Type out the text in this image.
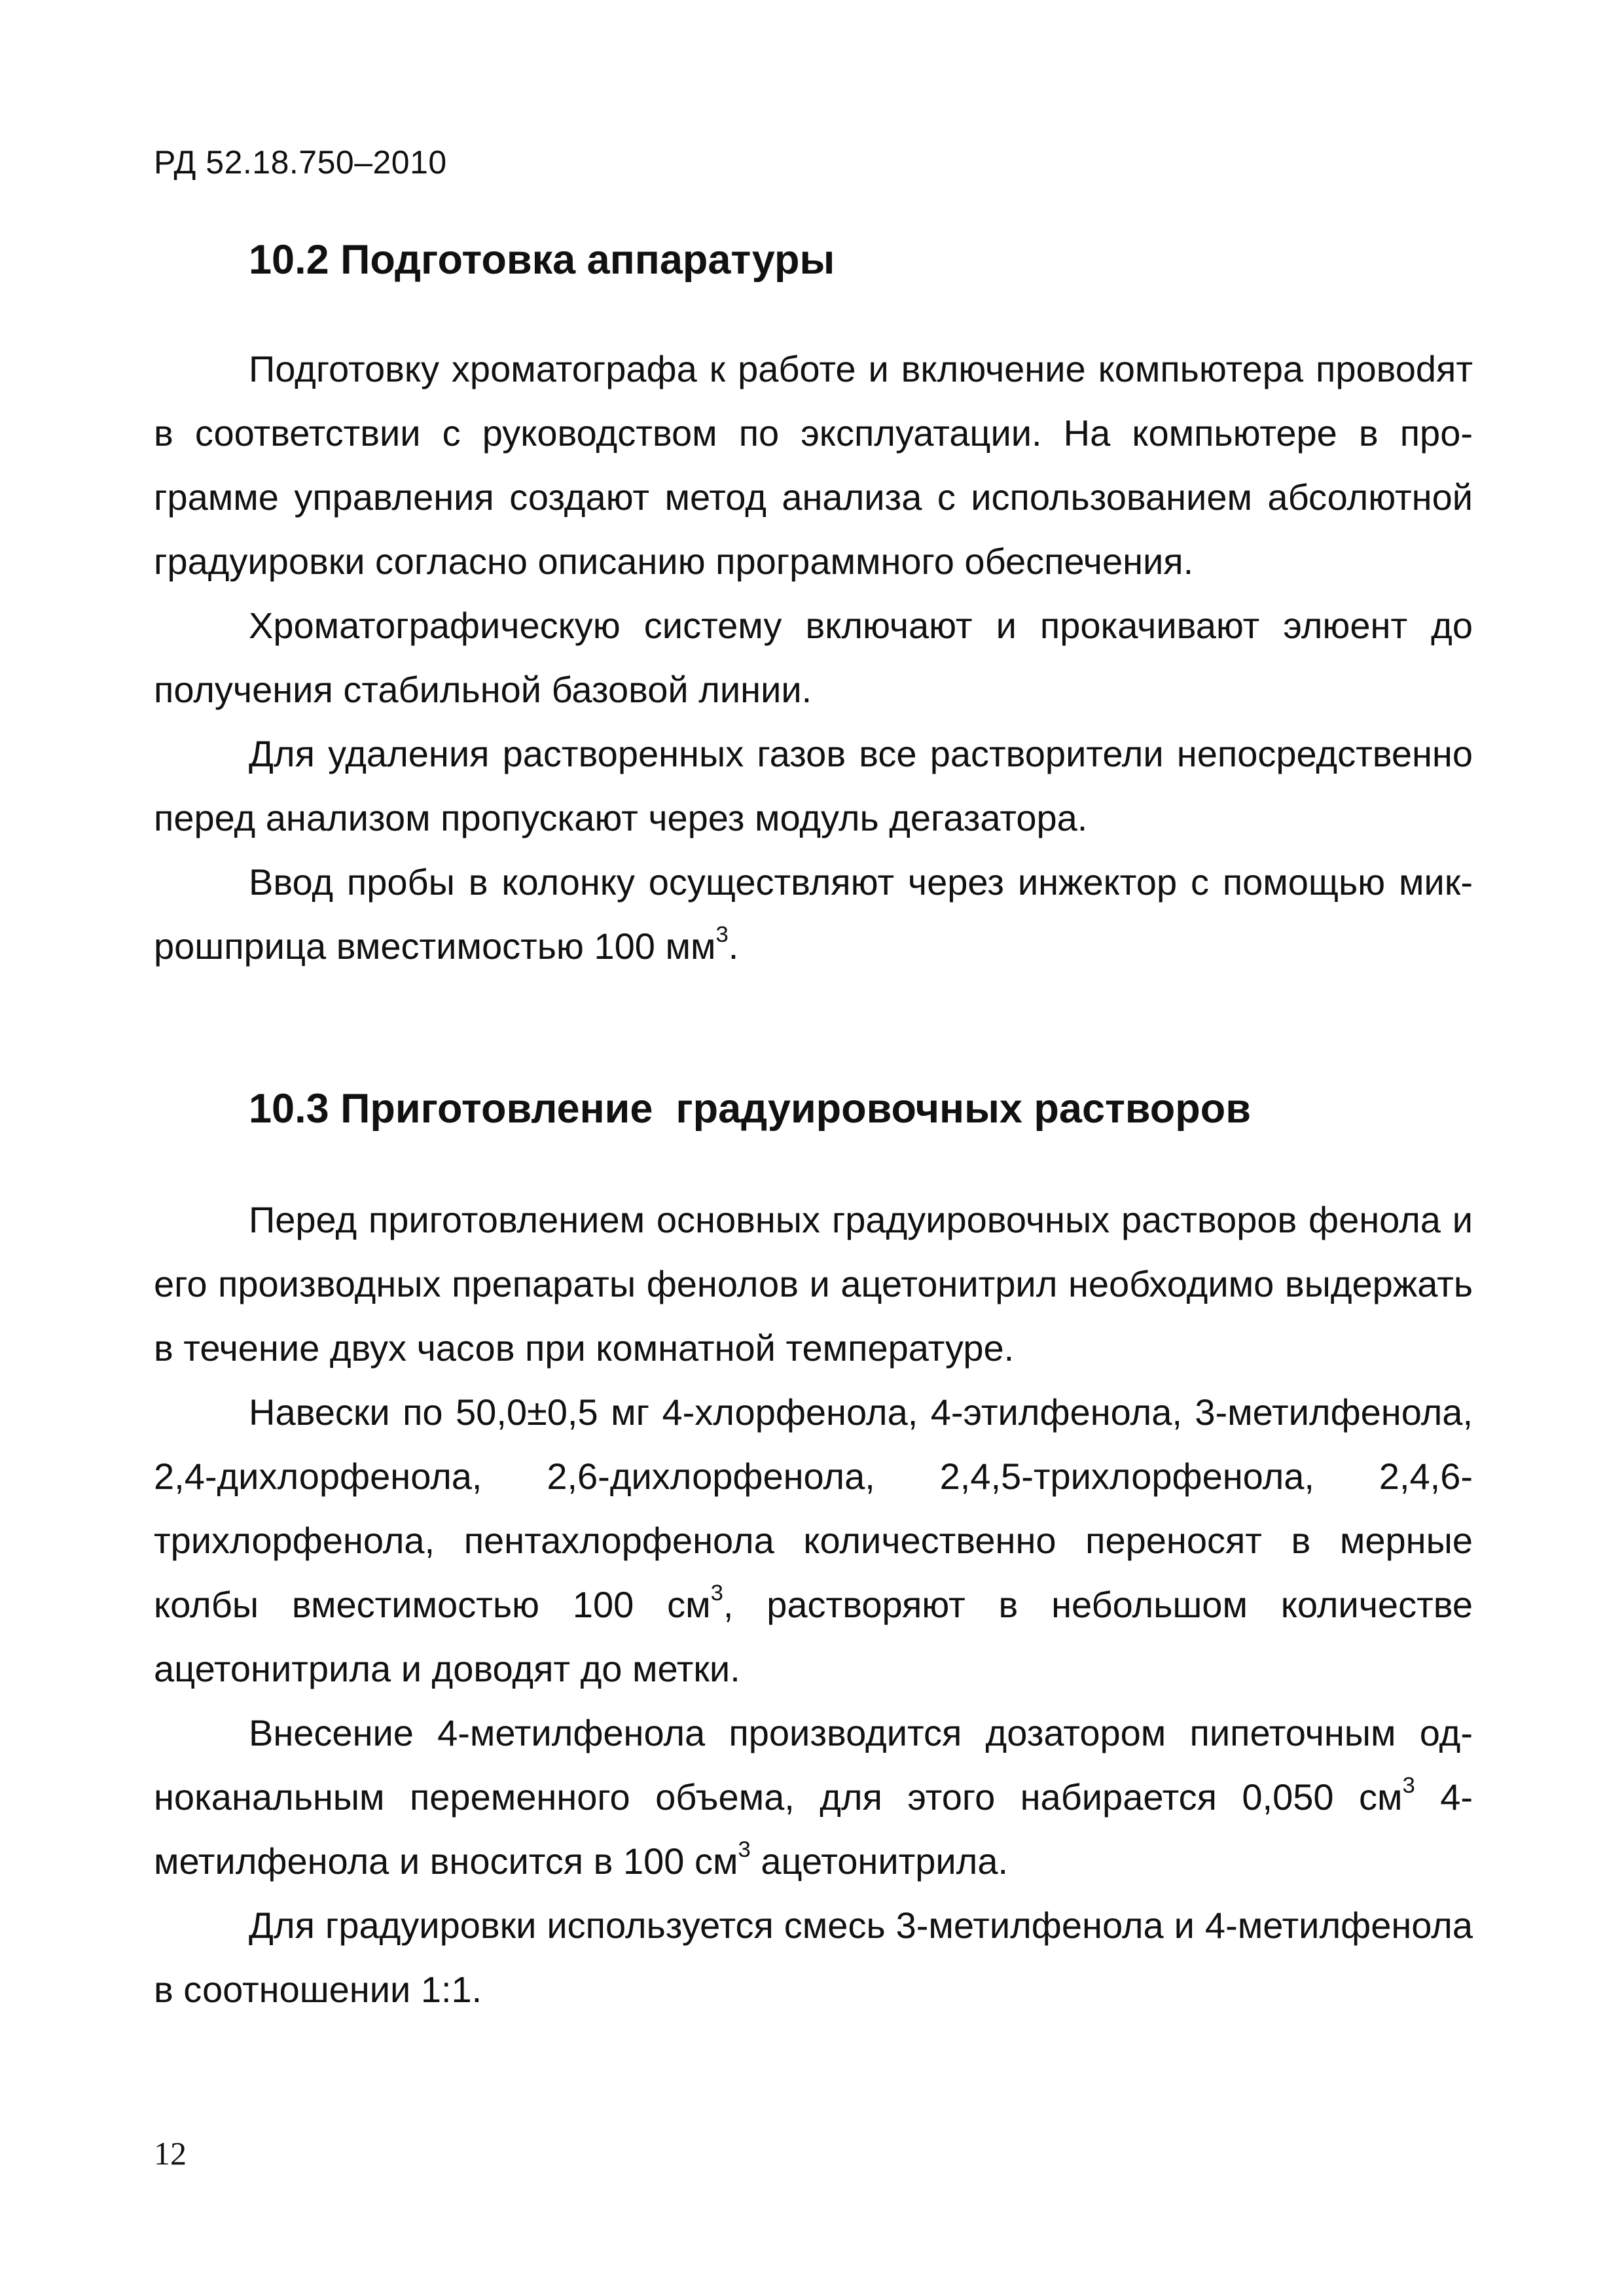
РД 52.18.750–2010
10.2 Подготовка аппаратуры

Подготовку хроматографа к работе и включение компьютера провоdят в соответствии с руководством по эксплуатации. На компьютере в программе управления создают метод анализа с использованием абсолютной градуировки согласно описанию программного обеспечения.

Хроматографическую систему включают и прокачивают элюент до получения стабильной базовой линии.

Для удаления растворенных газов все растворители непосредственно перед анализом пропускают через модуль дегазатора.

Ввод пробы в колонку осуществляют через инжектор с помощью микрошприца вместимостью 100 $мм^3$.

10.3 Приготовление  градуировочных растворов

Перед приготовлением основных градуировочных растворов фенола и его производных препараты фенолов и ацетонитрил необходимо выдержать в течение двух часов при комнатной температуре.

Навески по 50,0±0,5 мг 4-хлорфенола, 4-этилфенола, 3-метилфенола, 2,4-дихлорфенола, 2,6-дихлорфенола, 2,4,5-трихлорфенола, 2,4,6-трихлорфенола, пентахлорфенола количественно переносят в мерные колбы вместимостью 100 $см^3$, растворяют в небольшом количестве ацетонитрила и доводят до метки.

Внесение 4-метилфенола производится дозатором пипеточным одноканальным переменного объема, для этого набирается 0,050 $см^3$ 4-метилфенола и вносится в 100 $см^3$ ацетонитрила.

Для градуировки используется смесь 3-метилфенола и 4-метилфенола в соотношении 1:1.

12
